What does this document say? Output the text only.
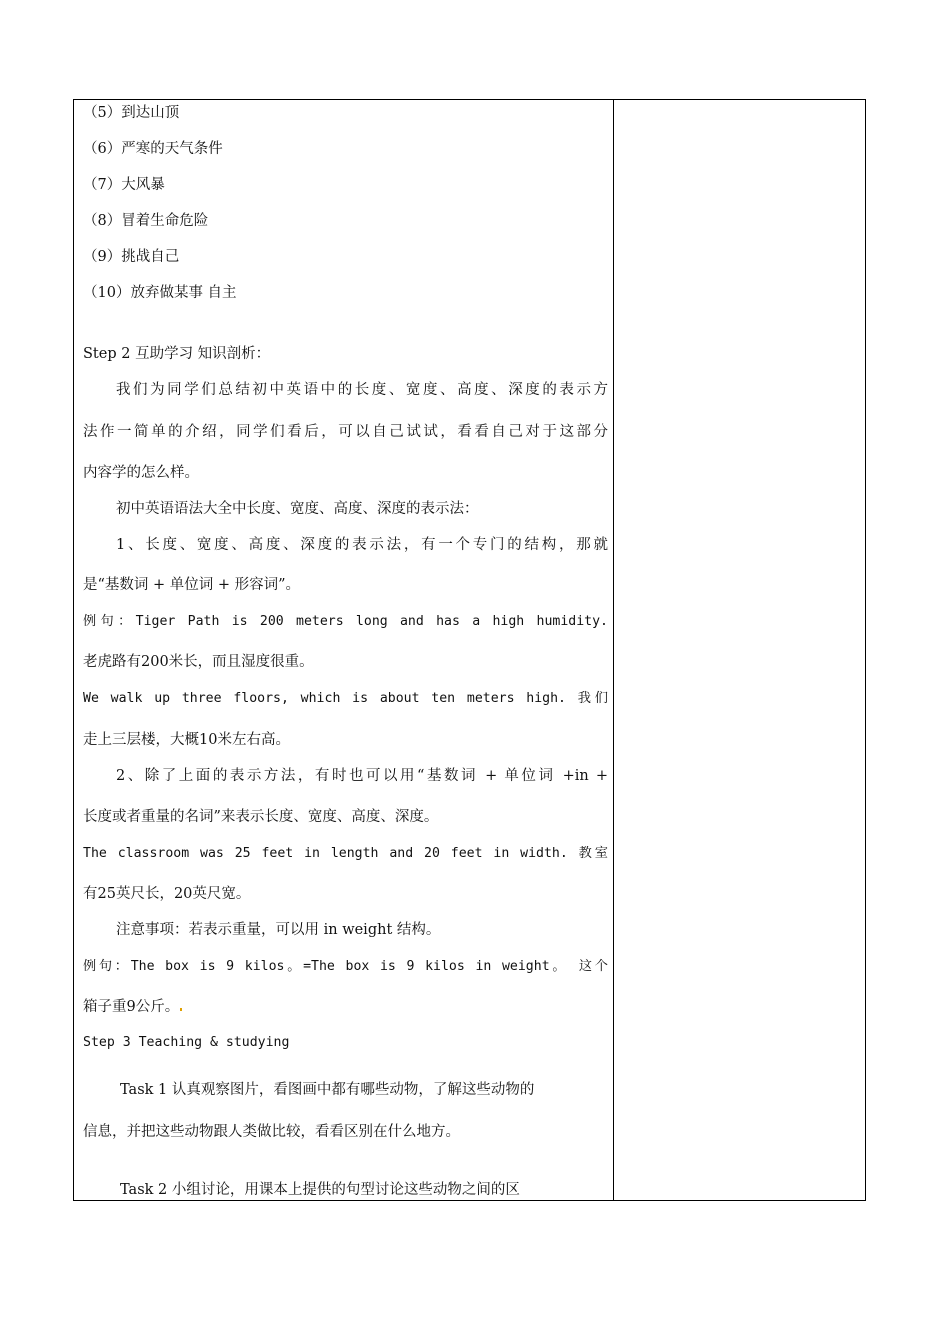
（5）到达山顶
（6）严寒的天气条件
（7）大风暴
（8）冒着生命危险
（9）挑战自己
（10）放弃做某事 自主
Step 2 互助学习 知识剖析：
我们为同学们总结初中英语中的长度、宽度、高度、深度的表示方
法作一简单的介绍，同学们看后，可以自己试试，看看自己对于这部分
内容学的怎么样。
初中英语语法大全中长度、宽度、高度、深度的表示法：
1、长度、宽度、高度、深度的表示法，有一个专门的结构，那就
是“基数词 + 单位词 + 形容词”。
例句：Tiger Path is 200 meters long and has a high humidity.
老虎路有200米长，而且湿度很重。
We walk up three floors, which is about ten meters high. 我们
走上三层楼，大概10米左右高。
2、除了上面的表示方法，有时也可以用“基数词 + 单位词 +in +
长度或者重量的名词”来表示长度、宽度、高度、深度。
The classroom was 25 feet in length and 20 feet in width. 教室
有25英尺长，20英尺宽。
注意事项：若表示重量，可以用 in weight 结构。
例句：The box is 9 kilos。=The box is 9 kilos in weight。 这个
箱子重9公斤。
Step 3 Teaching & studying
Task 1 认真观察图片，看图画中都有哪些动物，了解这些动物的
信息，并把这些动物跟人类做比较，看看区别在什么地方。
Task 2 小组讨论，用课本上提供的句型讨论这些动物之间的区
